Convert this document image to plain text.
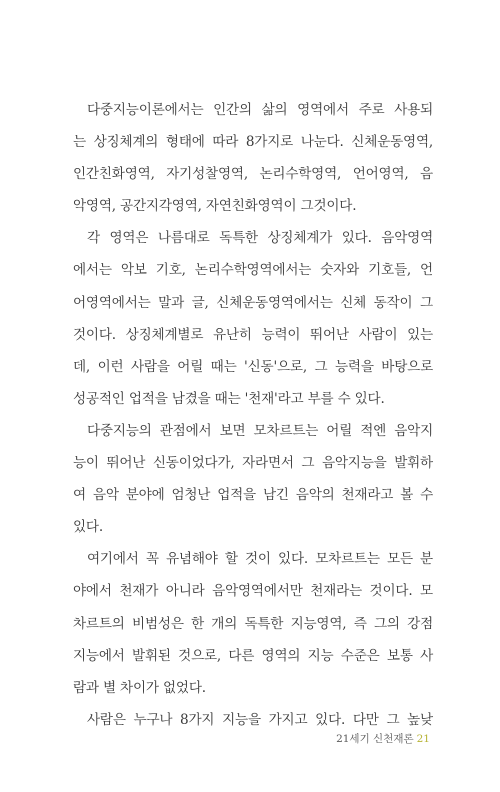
다중지능이론에서는 인간의 삶의 영역에서 주로 사용되
는 상징체계의 형태에 따라 8가지로 나눈다. 신체운동영역,
인간친화영역, 자기성찰영역, 논리수학영역, 언어영역, 음
악영역, 공간지각영역, 자연친화영역이 그것이다.
각 영역은 나름대로 독특한 상징체계가 있다. 음악영역
에서는 악보 기호, 논리수학영역에서는 숫자와 기호들, 언
어영역에서는 말과 글, 신체운동영역에서는 신체 동작이 그
것이다. 상징체계별로 유난히 능력이 뛰어난 사람이 있는
데, 이런 사람을 어릴 때는 '신동'으로, 그 능력을 바탕으로
성공적인 업적을 남겼을 때는 '천재'라고 부를 수 있다.
다중지능의 관점에서 보면 모차르트는 어릴 적엔 음악지
능이 뛰어난 신동이었다가, 자라면서 그 음악지능을 발휘하
여 음악 분야에 엄청난 업적을 남긴 음악의 천재라고 볼 수
있다.
여기에서 꼭 유념해야 할 것이 있다. 모차르트는 모든 분
야에서 천재가 아니라 음악영역에서만 천재라는 것이다. 모
차르트의 비범성은 한 개의 독특한 지능영역, 즉 그의 강점
지능에서 발휘된 것으로, 다른 영역의 지능 수준은 보통 사
람과 별 차이가 없었다.
사람은 누구나 8가지 지능을 가지고 있다. 다만 그 높낮
21세기 신천재론 21
